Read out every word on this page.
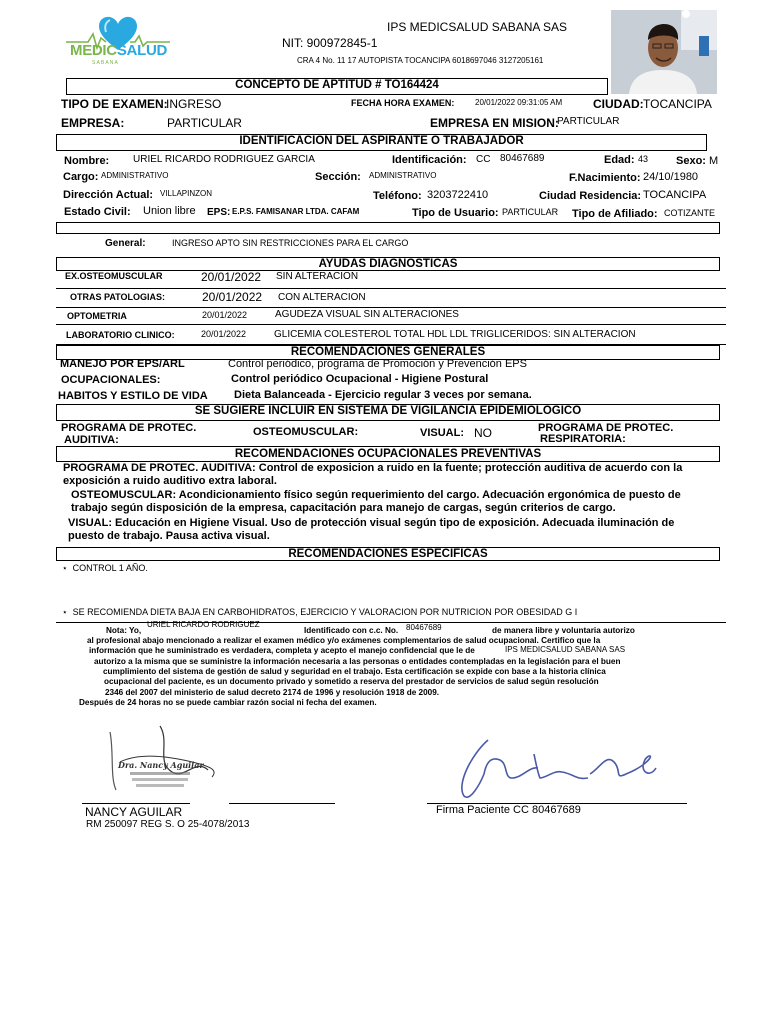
MEDICSALUD
S A B A N A
IPS MEDICSALUD SABANA SAS
NIT: 900972845-1
CRA 4 No. 11 17 AUTOPISTA TOCANCIPA 6018697046 3127205161
CONCEPTO DE APTITUD # TO164424
TIPO DE EXAMEN:
INGRESO	FECHA HORA EXAMEN:	20/01/2022 09:31:05 AM	CIUDAD: TOCANCIPA
EMPRESA:	PARTICULAR	EMPRESA EN MISION:
PARTICULAR
IDENTIFICACION DEL ASPIRANTE O TRABAJADOR
Nombre: URIEL RICARDO RODRIGUEZ GARCIA	Identificación: CC 80467689	Edad: 43	Sexo: M
Cargo: ADMINISTRATIVO	Sección: ADMINISTRATIVO	F.Nacimiento: 24/10/1980
Dirección Actual: VILLAPINZON	Teléfono: 3203722410	Ciudad Residencia: TOCANCIPA
Estado Civil: Union libre EPS: E.P.S. FAMISANAR LTDA. CAFAM	Tipo de Usuario: PARTICULAR Tipo de Afiliado: COTIZANTE
General:	INGRESO APTO SIN RESTRICCIONES PARA EL CARGO
AYUDAS DIAGNOSTICAS
EX.OSTEOMUSCULAR	20/01/2022 SIN ALTERACION
OTRAS PATOLOGIAS:	20/01/2022 CON ALTERACION
OPTOMETRIA	20/01/2022	AGUDEZA VISUAL SIN ALTERACIONES
LABORATORIO CLINICO:	20/01/2022	GLICEMIA COLESTEROL TOTAL HDL LDL TRIGLICERIDOS: SIN ALTERACION
RECOMENDACIONES GENERALES
MANEJO POR EPS/ARL	Control periódico, programa de Promoción y Prevención EPS
OCUPACIONALES:	Control periódico Ocupacional - Higiene Postural
HABITOS Y ESTILO DE VIDA Dieta Balanceada - Ejercicio regular 3 veces por semana.
SE SUGIERE INCLUIR EN SISTEMA DE VIGILANCIA EPIDEMIOLOGICO
PROGRAMA DE PROTEC.
AUDITIVA:
OSTEOMUSCULAR:	VISUAL: NO	PROGRAMA DE PROTEC.
RESPIRATORIA:
RECOMENDACIONES OCUPACIONALES PREVENTIVAS
PROGRAMA DE PROTEC. AUDITIVA: Control de exposicion a ruido en la fuente; protección auditiva de acuerdo con la exposición a ruido auditivo extra laboral.
OSTEOMUSCULAR: Acondicionamiento físico según requerimiento del cargo. Adecuación ergonómica de puesto de trabajo según disposición de la empresa, capacitación para manejo de cargas, según criterios de cargo.
VISUAL: Educación en Higiene Visual. Uso de protección visual según tipo de exposición. Adecuada iluminación de puesto de trabajo. Pausa activa visual.
RECOMENDACIONES ESPECIFICAS
⋆  CONTROL 1 AÑO.
⋆  SE RECOMIENDA DIETA BAJA EN CARBOHIDRATOS, EJERCICIO Y VALORACION POR NUTRICION POR OBESIDAD G I
Nota: Yo,
URIEL RICARDO RODRIGUEZ
Identificado con c.c. No. 80467689	de manera libre y voluntaria autorizo
al profesional abajo mencionado a realizar el examen médico y/o exámenes complementarios de salud ocupacional. Certifico que la
información que he suministrado es verdadera, completa y acepto el manejo confidencial que le de	IPS MEDICSALUD SABANA SAS
autorizo a la misma que se suministre la información necesaria a las personas o entidades contempladas en la legislación para el buen
cumplimiento del sistema de gestión de salud y seguridad en el trabajo. Esta certificación se expide con base a la historia clínica
ocupacional del paciente, es un documento privado y sometido a reserva del prestador de servicios de salud según resolución
2346 del 2007 del ministerio de salud decreto 2174 de 1996 y resolución 1918 de 2009.
Después de 24 horas no se puede cambiar razón social ni fecha del examen.
Dra. Nancy Aguilar
NANCY AGUILAR
RM 250097 REG S. O 25-4078/2013
Firma Paciente CC 80467689
